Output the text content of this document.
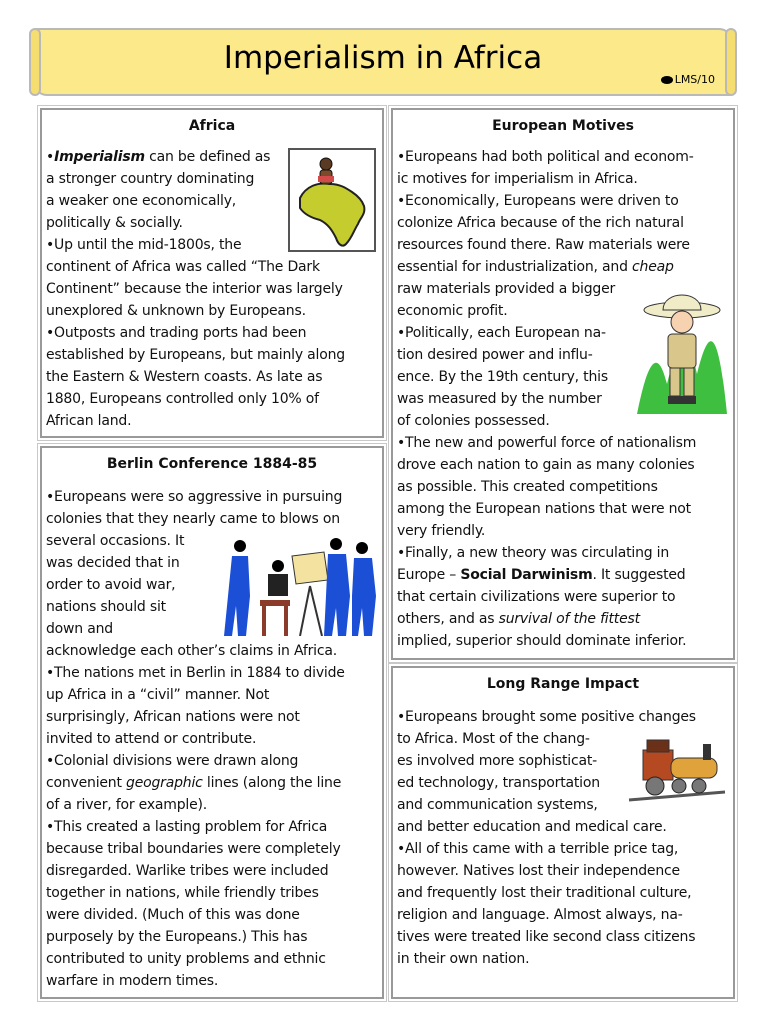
Imperialism in Africa
LMS/10
Africa
•Imperialism can be defined as
a stronger country dominating
a weaker one economically,
politically & socially.
•Up until the mid-1800s, the
continent of Africa was called “The Dark
Continent” because the interior was largely
unexplored & unknown by Europeans.
•Outposts and trading ports had been
established by Europeans, but mainly along
the Eastern & Western coasts. As late as
1880, Europeans controlled only 10% of
African land.
Berlin Conference 1884-85
•Europeans were so aggressive in pursuing
colonies that they nearly came to blows on
several occasions. It
was decided that in
order to avoid war,
nations should sit
down and
acknowledge each other’s claims in Africa.
•The nations met in Berlin in 1884 to divide
up Africa in a “civil” manner. Not
surprisingly, African nations were not
invited to attend or contribute.
•Colonial divisions were drawn along
convenient geographic lines (along the line
of a river, for example).
•This created a lasting problem for Africa
because tribal boundaries were completely
disregarded. Warlike tribes were included
together in nations, while friendly tribes
were divided. (Much of this was done
purposely by the Europeans.) This has
contributed to unity problems and ethnic
warfare in modern times.
European Motives
•Europeans had both political and econom-
ic motives for imperialism in Africa.
•Economically, Europeans were driven to
colonize Africa because of the rich natural
resources found there. Raw materials were
essential for industrialization, and cheap
raw materials provided a bigger
economic profit.
•Politically, each European na-
tion desired power and influ-
ence. By the 19th century, this
was measured by the number
of colonies possessed.
•The new and powerful force of nationalism
drove each nation to gain as many colonies
as possible. This created competitions
among the European nations that were not
very friendly.
•Finally, a new theory was circulating in
Europe – Social Darwinism. It suggested
that certain civilizations were superior to
others, and as survival of the fittest
implied, superior should dominate inferior.
Long Range Impact
•Europeans brought some positive changes
to Africa. Most of the chang-
es involved more sophisticat-
ed technology, transportation
and communication systems,
and better education and medical care.
•All of this came with a terrible price tag,
however. Natives lost their independence
and frequently lost their traditional culture,
religion and language. Almost always, na-
tives were treated like second class citizens
in their own nation.
